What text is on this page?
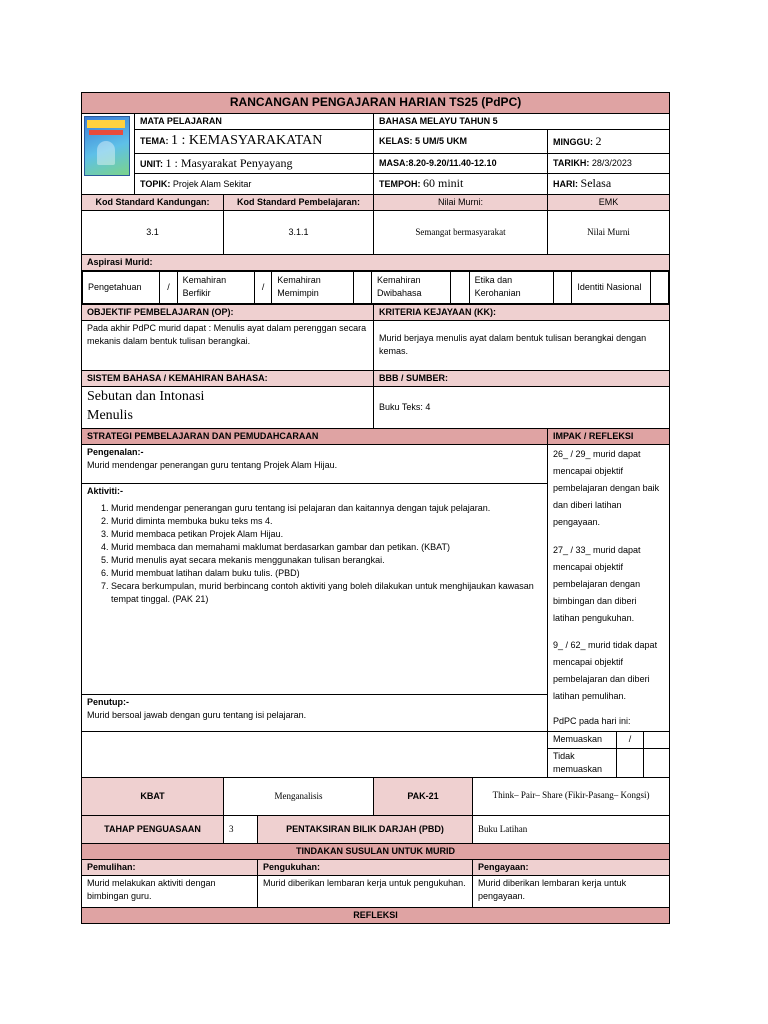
RANCANGAN PENGAJARAN HARIAN TS25 (PdPC)

	MATA PELAJARAN	BAHASA MELAYU TAHUN 5
TEMA: 1 : KEMASYARAKATAN	KELAS: 5 UM/5 UKM	MINGGU: 2
UNIT: 1 : Masyarakat Penyayang	MASA:8.20-9.20/11.40-12.10	TARIKH: 28/3/2023
TOPIK: Projek Alam Sekitar	TEMPOH: 60 minit	HARI: Selasa
Kod Standard Kandungan:	Kod Standard Pembelajaran:	Nilai Murni:	EMK
3.1	3.1.1	Semangat bermasyarakat	Nilai Murni
Aspirasi Murid:

Pengetahuan	/	Kemahiran Berfikir	/	Kemahiran Memimpin		Kemahiran Dwibahasa		Etika dan Kerohanian		Identiti Nasional	

OBJEKTIF PEMBELAJARAN (OP):	KRITERIA KEJAYAAN (KK):
Pada akhir PdPC murid dapat : Menulis ayat dalam perenggan secara mekanis dalam bentuk tulisan berangkai.	Murid berjaya menulis ayat dalam bentuk tulisan berangkai dengan kemas.
SISTEM BAHASA / KEMAHIRAN BAHASA:	BBB / SUMBER:

Sebutan dan Intonasi
Menulis
	Buku Teks: 4
STRATEGI PEMBELAJARAN DAN PEMUDAHCARAAN	IMPAK / REFLEKSI

Pengenalan:-
Murid mendengar penerangan guru tentang Projek Alam Hijau.

26_ / 29_ murid dapat mencapai objektif pembelajaran dengan baik dan diberi latihan pengayaan.
27_ / 33_ murid dapat mencapai objektif pembelajaran dengan bimbingan dan diberi latihan pengukuhan.
9_ / 62_ murid tidak dapat mencapai objektif pembelajaran dan diberi latihan pemulihan.
PdPC pada hari ini:

Aktiviti:-
1. Murid mendengar penerangan guru tentang isi pelajaran dan kaitannya dengan tajuk pelajaran.
2. Murid diminta membuka buku teks ms 4.
3. Murid membaca petikan Projek Alam Hijau.
4. Murid membaca dan memahami maklumat berdasarkan gambar dan petikan. (KBAT)
5. Murid menulis ayat secara mekanis menggunakan tulisan berangkai.
6. Murid membuat latihan dalam buku tulis. (PBD)
7. Secara berkumpulan, murid berbincang contoh aktiviti yang boleh dilakukan untuk menghijaukan kawasan tempat tinggal. (PAK 21)

Penutup:-
Murid bersoal jawab dengan guru tentang isi pelajaran.

	Memuaskan	/	
	Tidak memuaskan		
KBAT	Menganalisis	PAK-21	Think– Pair– Share (Fikir-Pasang– Kongsi)
TAHAP PENGUASAAN	3	PENTAKSIRAN BILIK DARJAH (PBD)	Buku Latihan
TINDAKAN SUSULAN UNTUK MURID
Pemulihan:	Pengukuhan:	Pengayaan:
Murid melakukan aktiviti dengan bimbingan guru.	Murid diberikan lembaran kerja untuk pengukuhan.	Murid diberikan lembaran kerja untuk pengayaan.
REFLEKSI
